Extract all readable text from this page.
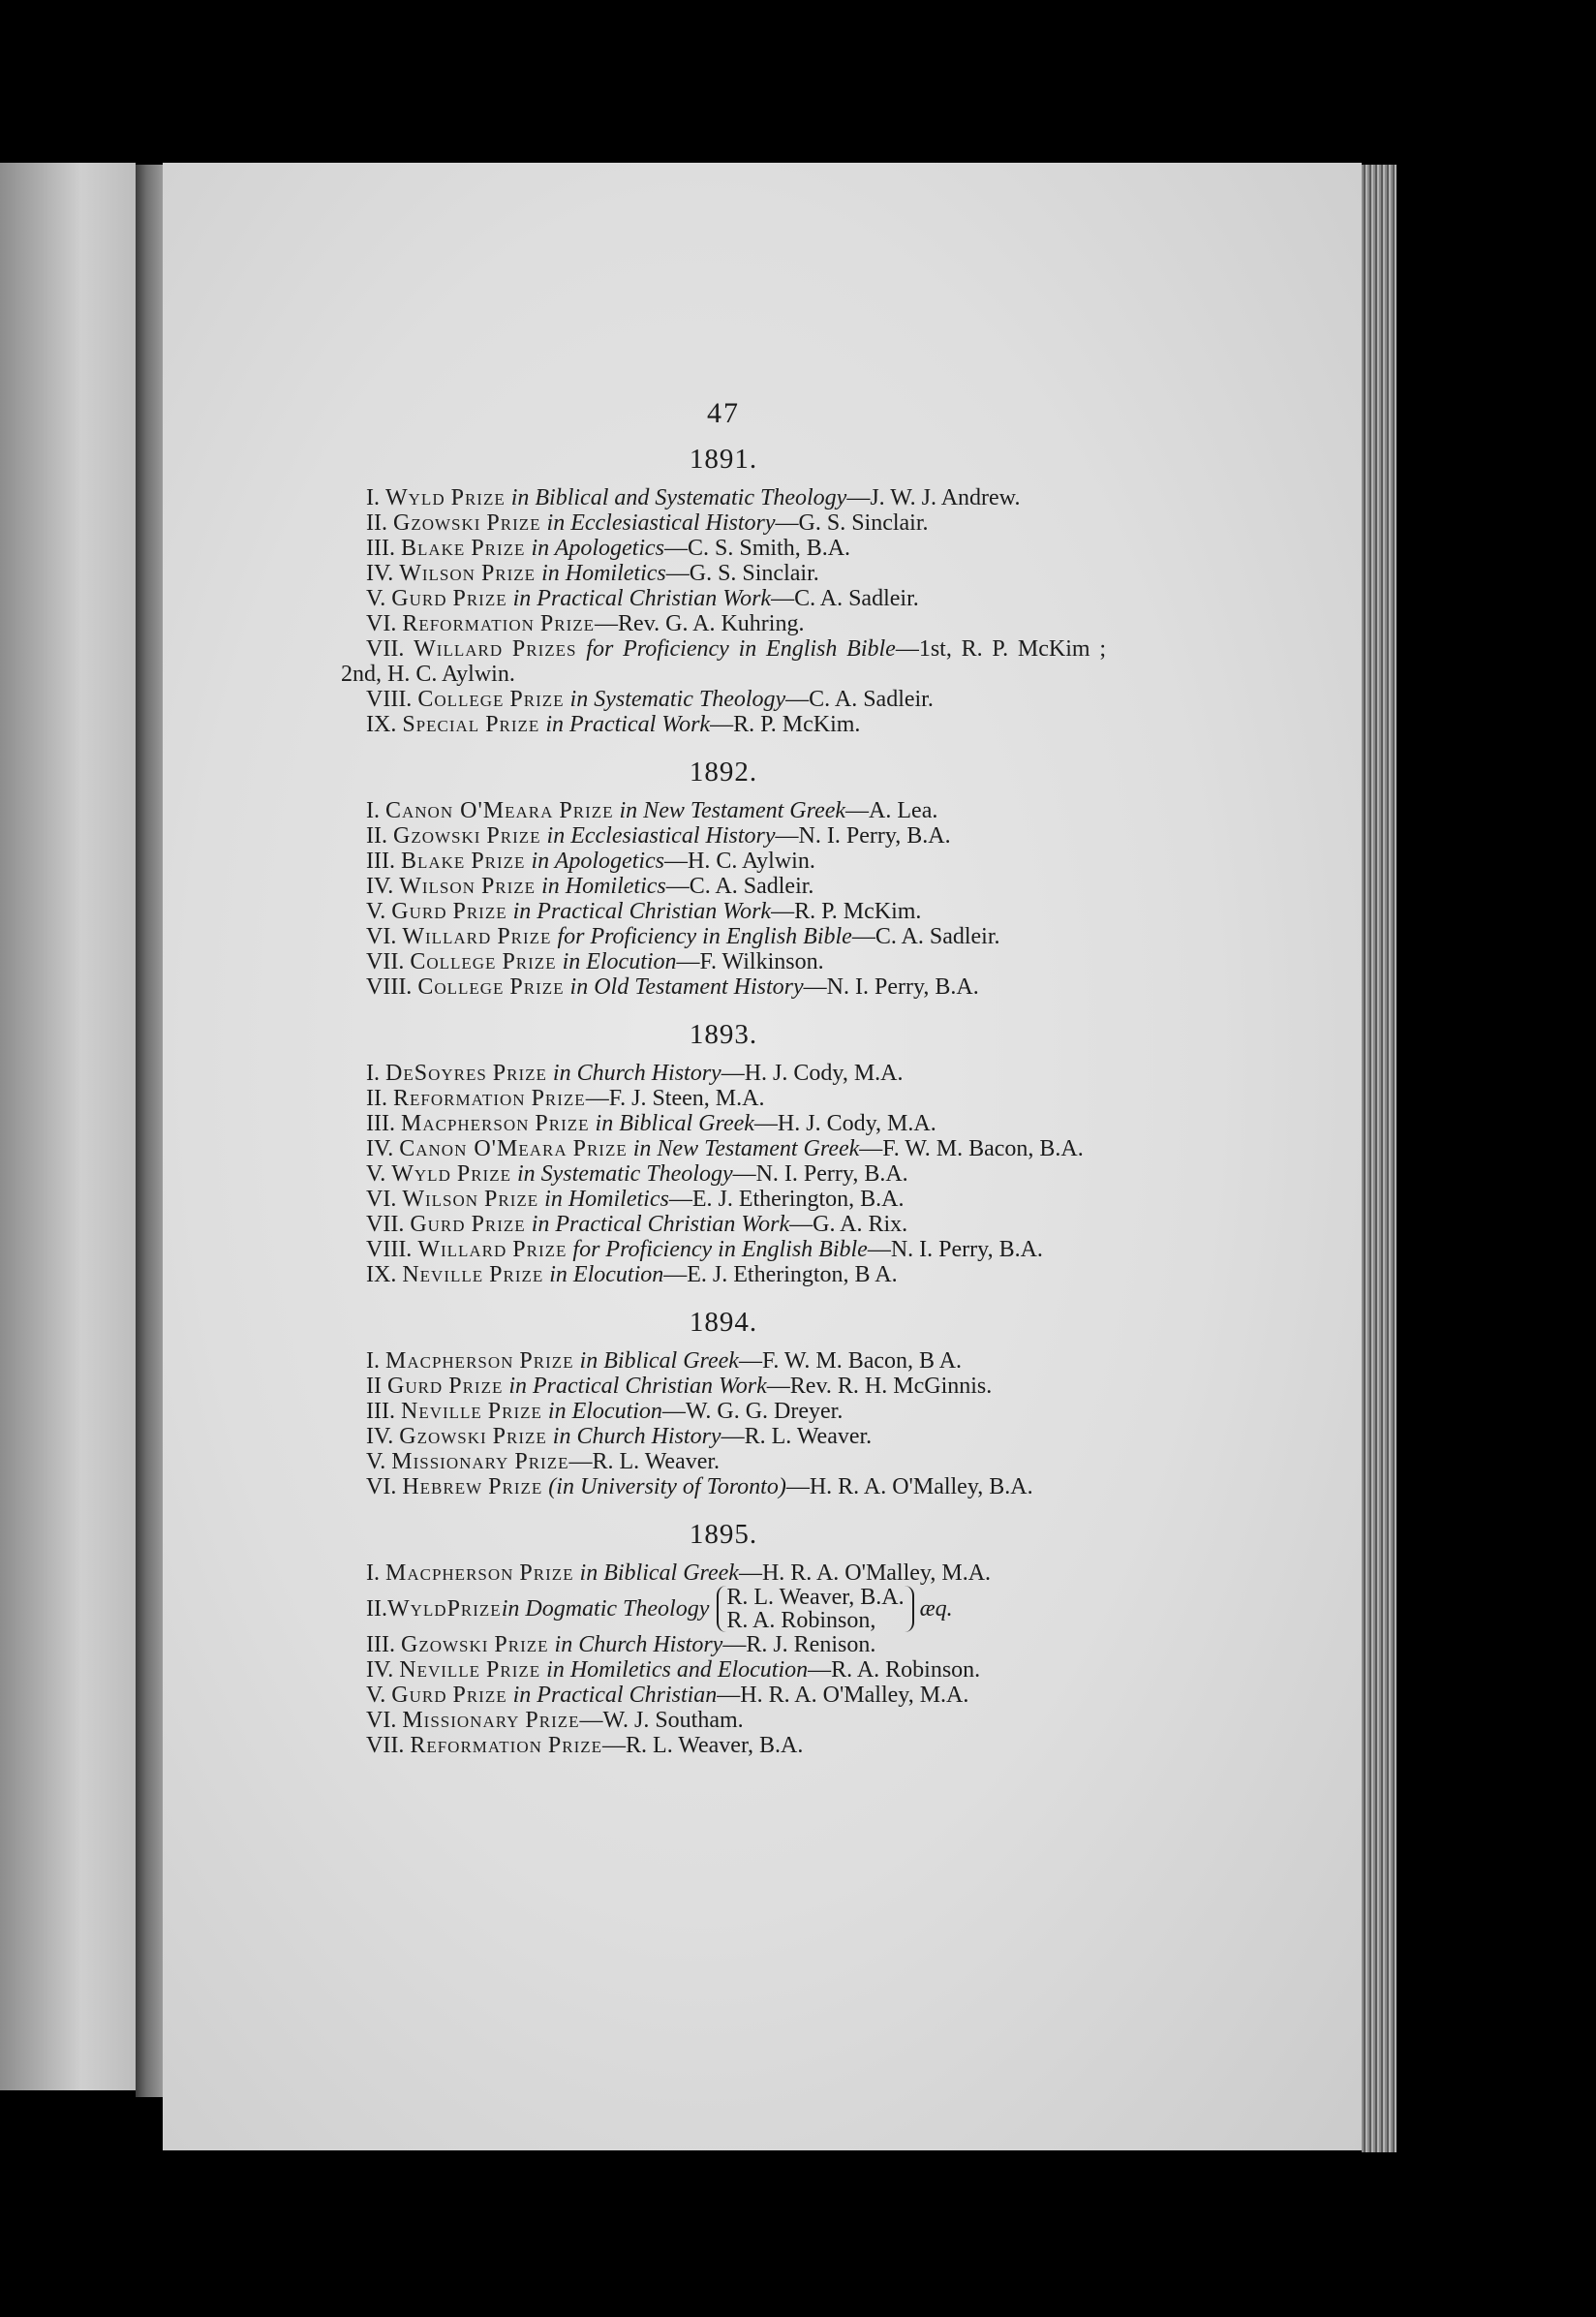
47
1891.
I. Wyld Prize in Biblical and Systematic Theology—J. W. J. Andrew.
II. Gzowski Prize in Ecclesiastical History—G. S. Sinclair.
III. Blake Prize in Apologetics—C. S. Smith, B.A.
IV. Wilson Prize in Homiletics—G. S. Sinclair.
V. Gurd Prize in Practical Christian Work—C. A. Sadleir.
VI. Reformation Prize—Rev. G. A. Kuhring.
VII. Willard Prizes for Proficiency in English Bible—1st, R. P. McKim ; 2nd, H. C. Aylwin.
VIII. College Prize in Systematic Theology—C. A. Sadleir.
IX. Special Prize in Practical Work—R. P. McKim.
1892.
I. Canon O'Meara Prize in New Testament Greek—A. Lea.
II. Gzowski Prize in Ecclesiastical History—N. I. Perry, B.A.
III. Blake Prize in Apologetics—H. C. Aylwin.
IV. Wilson Prize in Homiletics—C. A. Sadleir.
V. Gurd Prize in Practical Christian Work—R. P. McKim.
VI. Willard Prize for Proficiency in English Bible—C. A. Sadleir.
VII. College Prize in Elocution—F. Wilkinson.
VIII. College Prize in Old Testament History—N. I. Perry, B.A.
1893.
I. DeSoyres Prize in Church History—H. J. Cody, M.A.
II. Reformation Prize—F. J. Steen, M.A.
III. Macpherson Prize in Biblical Greek—H. J. Cody, M.A.
IV. Canon O'Meara Prize in New Testament Greek—F. W. M. Bacon, B.A.
V. Wyld Prize in Systematic Theology—N. I. Perry, B.A.
VI. Wilson Prize in Homiletics—E. J. Etherington, B.A.
VII. Gurd Prize in Practical Christian Work—G. A. Rix.
VIII. Willard Prize for Proficiency in English Bible—N. I. Perry, B.A.
IX. Neville Prize in Elocution—E. J. Etherington, B A.
1894.
I. Macpherson Prize in Biblical Greek—F. W. M. Bacon, B A.
II Gurd Prize in Practical Christian Work—Rev. R. H. McGinnis.
III. Neville Prize in Elocution—W. G. G. Dreyer.
IV. Gzowski Prize in Church History—R. L. Weaver.
V. Missionary Prize—R. L. Weaver.
VI. Hebrew Prize (in University of Toronto)—H. R. A. O'Malley, B.A.
1895.
I. Macpherson Prize in Biblical Greek—H. R. A. O'Malley, M.A.
II. Wyld Prize in Dogmatic Theology R. L. Weaver, B.A.
R. A. Robinson,	æq.
III. Gzowski Prize in Church History—R. J. Renison.
IV. Neville Prize in Homiletics and Elocution—R. A. Robinson.
V. Gurd Prize in Practical Christian—H. R. A. O'Malley, M.A.
VI. Missionary Prize—W. J. Southam.
VII. Reformation Prize—R. L. Weaver, B.A.
